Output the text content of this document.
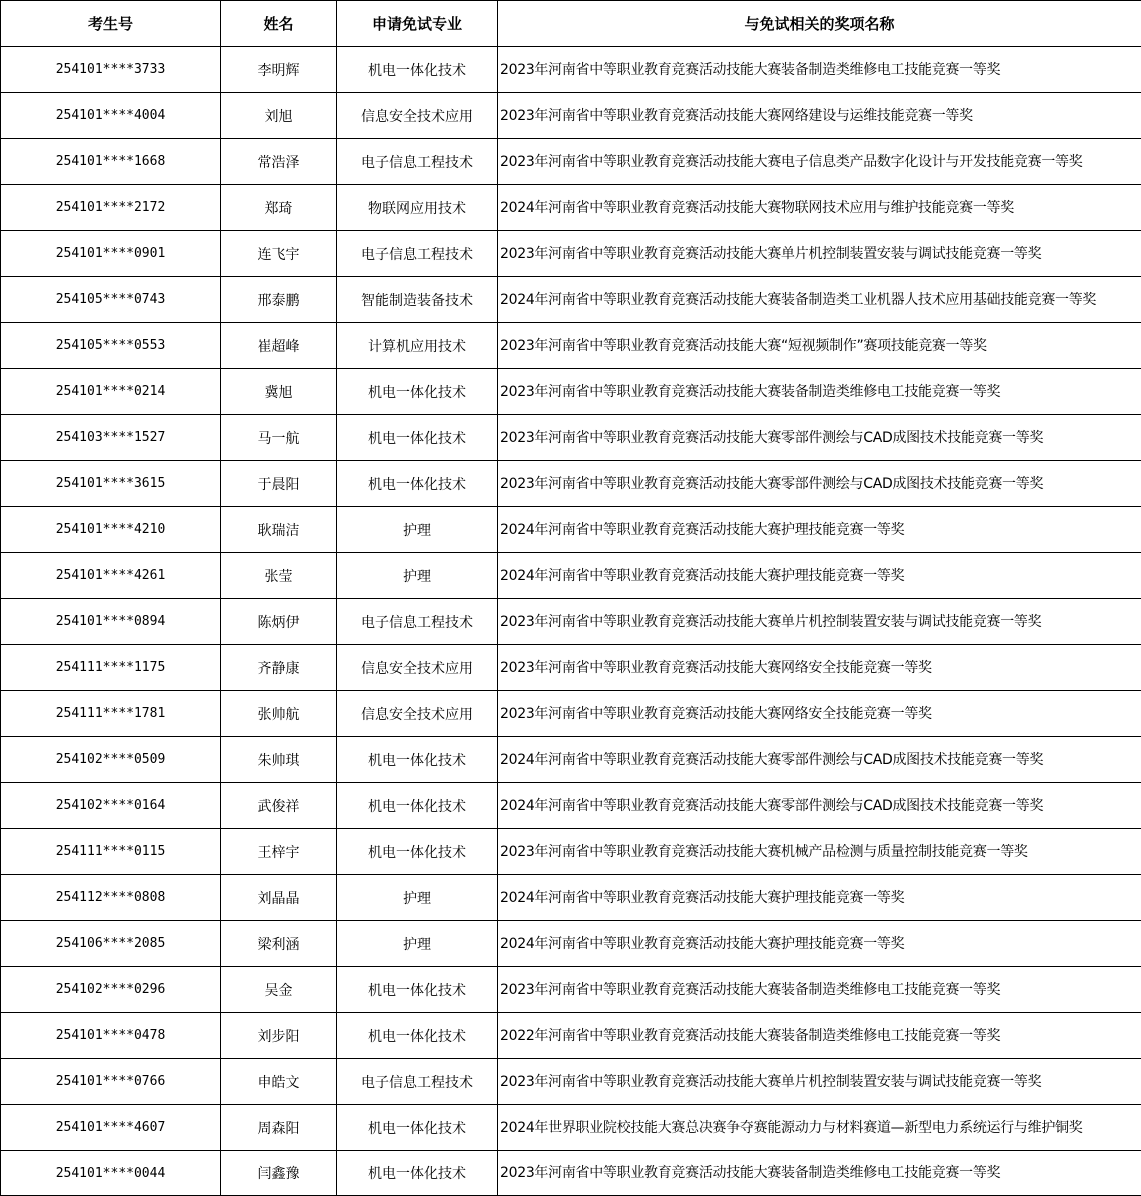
考生号	姓名	申请免试专业	与免试相关的奖项名称
254101****3733	李明辉	机电一体化技术	2023年河南省中等职业教育竞赛活动技能大赛装备制造类维修电工技能竞赛一等奖
254101****4004	刘旭	信息安全技术应用	2023年河南省中等职业教育竞赛活动技能大赛网络建设与运维技能竞赛一等奖
254101****1668	常浩泽	电子信息工程技术	2023年河南省中等职业教育竞赛活动技能大赛电子信息类产品数字化设计与开发技能竞赛一等奖
254101****2172	郑琦	物联网应用技术	2024年河南省中等职业教育竞赛活动技能大赛物联网技术应用与维护技能竞赛一等奖
254101****0901	连飞宇	电子信息工程技术	2023年河南省中等职业教育竞赛活动技能大赛单片机控制装置安装与调试技能竞赛一等奖
254105****0743	邢泰鹏	智能制造装备技术	2024年河南省中等职业教育竞赛活动技能大赛装备制造类工业机器人技术应用基础技能竞赛一等奖
254105****0553	崔超峰	计算机应用技术	2023年河南省中等职业教育竞赛活动技能大赛“短视频制作”赛项技能竞赛一等奖
254101****0214	冀旭	机电一体化技术	2023年河南省中等职业教育竞赛活动技能大赛装备制造类维修电工技能竞赛一等奖
254103****1527	马一航	机电一体化技术	2023年河南省中等职业教育竞赛活动技能大赛零部件测绘与CAD成图技术技能竞赛一等奖
254101****3615	于晨阳	机电一体化技术	2023年河南省中等职业教育竞赛活动技能大赛零部件测绘与CAD成图技术技能竞赛一等奖
254101****4210	耿瑞洁	护理	2024年河南省中等职业教育竞赛活动技能大赛护理技能竞赛一等奖
254101****4261	张莹	护理	2024年河南省中等职业教育竞赛活动技能大赛护理技能竞赛一等奖
254101****0894	陈炳伊	电子信息工程技术	2023年河南省中等职业教育竞赛活动技能大赛单片机控制装置安装与调试技能竞赛一等奖
254111****1175	齐静康	信息安全技术应用	2023年河南省中等职业教育竞赛活动技能大赛网络安全技能竞赛一等奖
254111****1781	张帅航	信息安全技术应用	2023年河南省中等职业教育竞赛活动技能大赛网络安全技能竞赛一等奖
254102****0509	朱帅琪	机电一体化技术	2024年河南省中等职业教育竞赛活动技能大赛零部件测绘与CAD成图技术技能竞赛一等奖
254102****0164	武俊祥	机电一体化技术	2024年河南省中等职业教育竞赛活动技能大赛零部件测绘与CAD成图技术技能竞赛一等奖
254111****0115	王梓宇	机电一体化技术	2023年河南省中等职业教育竞赛活动技能大赛机械产品检测与质量控制技能竞赛一等奖
254112****0808	刘晶晶	护理	2024年河南省中等职业教育竞赛活动技能大赛护理技能竞赛一等奖
254106****2085	梁利涵	护理	2024年河南省中等职业教育竞赛活动技能大赛护理技能竞赛一等奖
254102****0296	吴金	机电一体化技术	2023年河南省中等职业教育竞赛活动技能大赛装备制造类维修电工技能竞赛一等奖
254101****0478	刘步阳	机电一体化技术	2022年河南省中等职业教育竞赛活动技能大赛装备制造类维修电工技能竞赛一等奖
254101****0766	申皓文	电子信息工程技术	2023年河南省中等职业教育竞赛活动技能大赛单片机控制装置安装与调试技能竞赛一等奖
254101****4607	周森阳	机电一体化技术	2024年世界职业院校技能大赛总决赛争夺赛能源动力与材料赛道—新型电力系统运行与维护铜奖
254101****0044	闫鑫豫	机电一体化技术	2023年河南省中等职业教育竞赛活动技能大赛装备制造类维修电工技能竞赛一等奖
